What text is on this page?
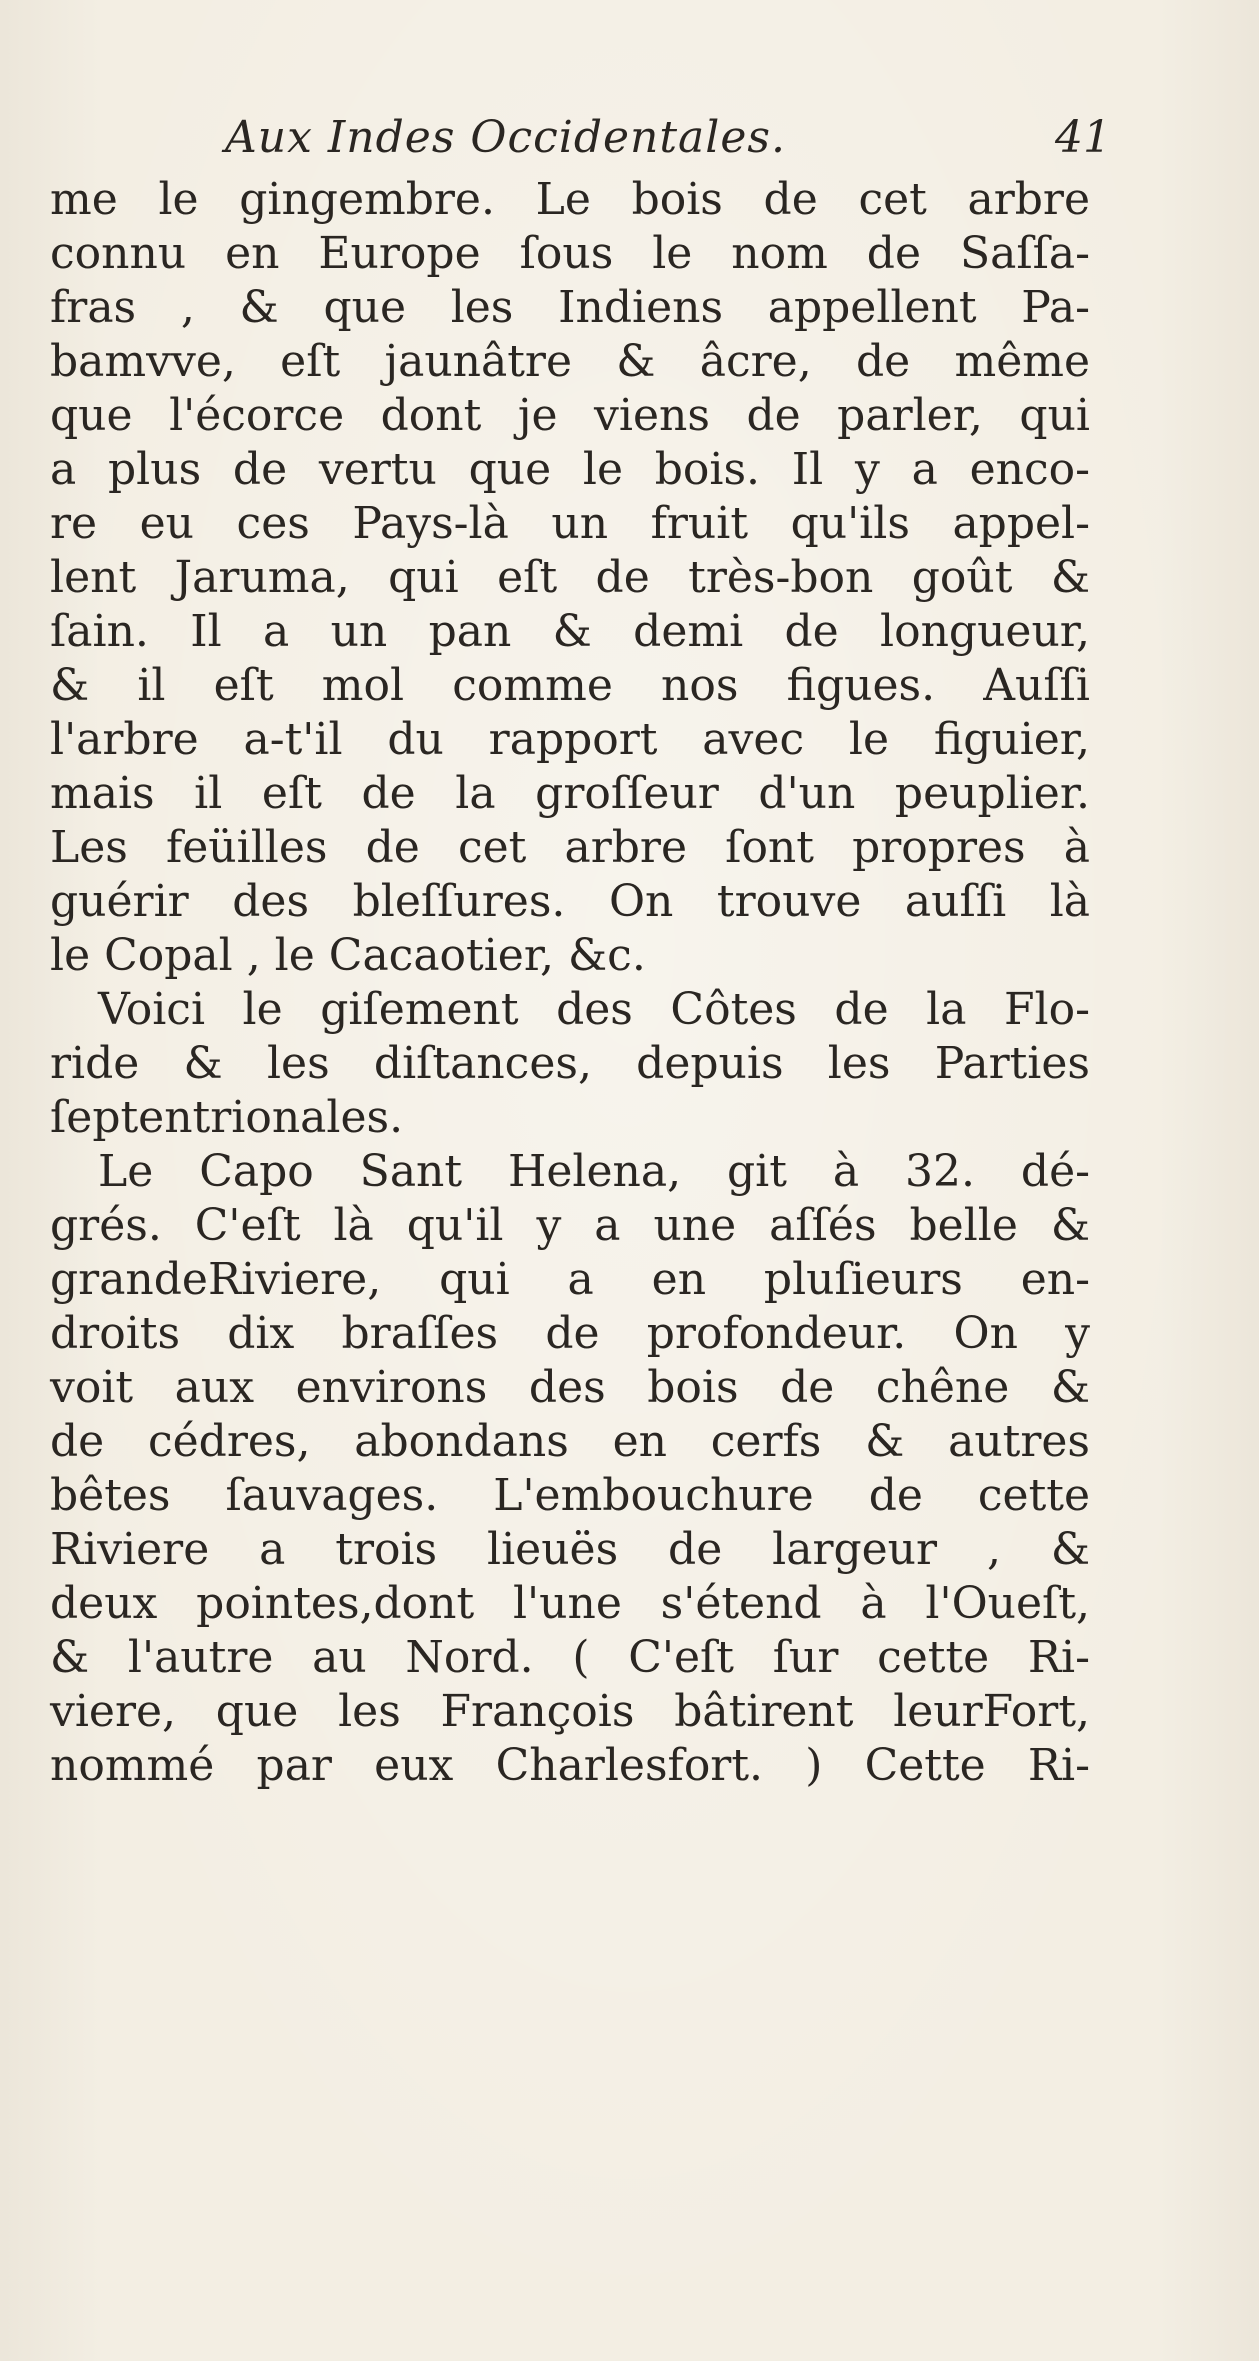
Aux Indes Occidentales.	41
me le gingembre. Le bois de cet arbre
connu en Europe ſous le nom de Saſſa-
fras , & que les Indiens appellent Pa-
bamvve, eſt jaunâtre & âcre, de même
que l'écorce dont je viens de parler, qui
a plus de vertu que le bois. Il y a enco-
re eu ces Pays-là un fruit qu'ils appel-
lent Jaruma, qui eſt de très-bon goût &
ſain. Il a un pan & demi de longueur,
& il eſt mol comme nos figues. Auſſi
l'arbre a-t'il du rapport avec le figuier,
mais il eſt de la groſſeur d'un peuplier.
Les feüilles de cet arbre ſont propres à
guérir des bleſſures. On trouve auſſi là
le Copal , le Cacaotier, &c.
Voici le giſement des Côtes de la Flo-
ride & les diſtances, depuis les Parties
ſeptentrionales.
Le Capo Sant Helena, git à 32. dé-
grés. C'eſt là qu'il y a une aſſés belle &
grandeRiviere, qui a en pluſieurs en-
droits dix braſſes de profondeur. On y
voit aux environs des bois de chêne &
de cédres, abondans en cerfs & autres
bêtes ſauvages. L'embouchure de cette
Riviere a trois lieuës de largeur , &
deux pointes,dont l'une s'étend à l'Oueſt,
& l'autre au Nord. ( C'eſt ſur cette Ri-
viere, que les François bâtirent leurFort,
nommé par eux Charlesfort. ) Cette Ri-
